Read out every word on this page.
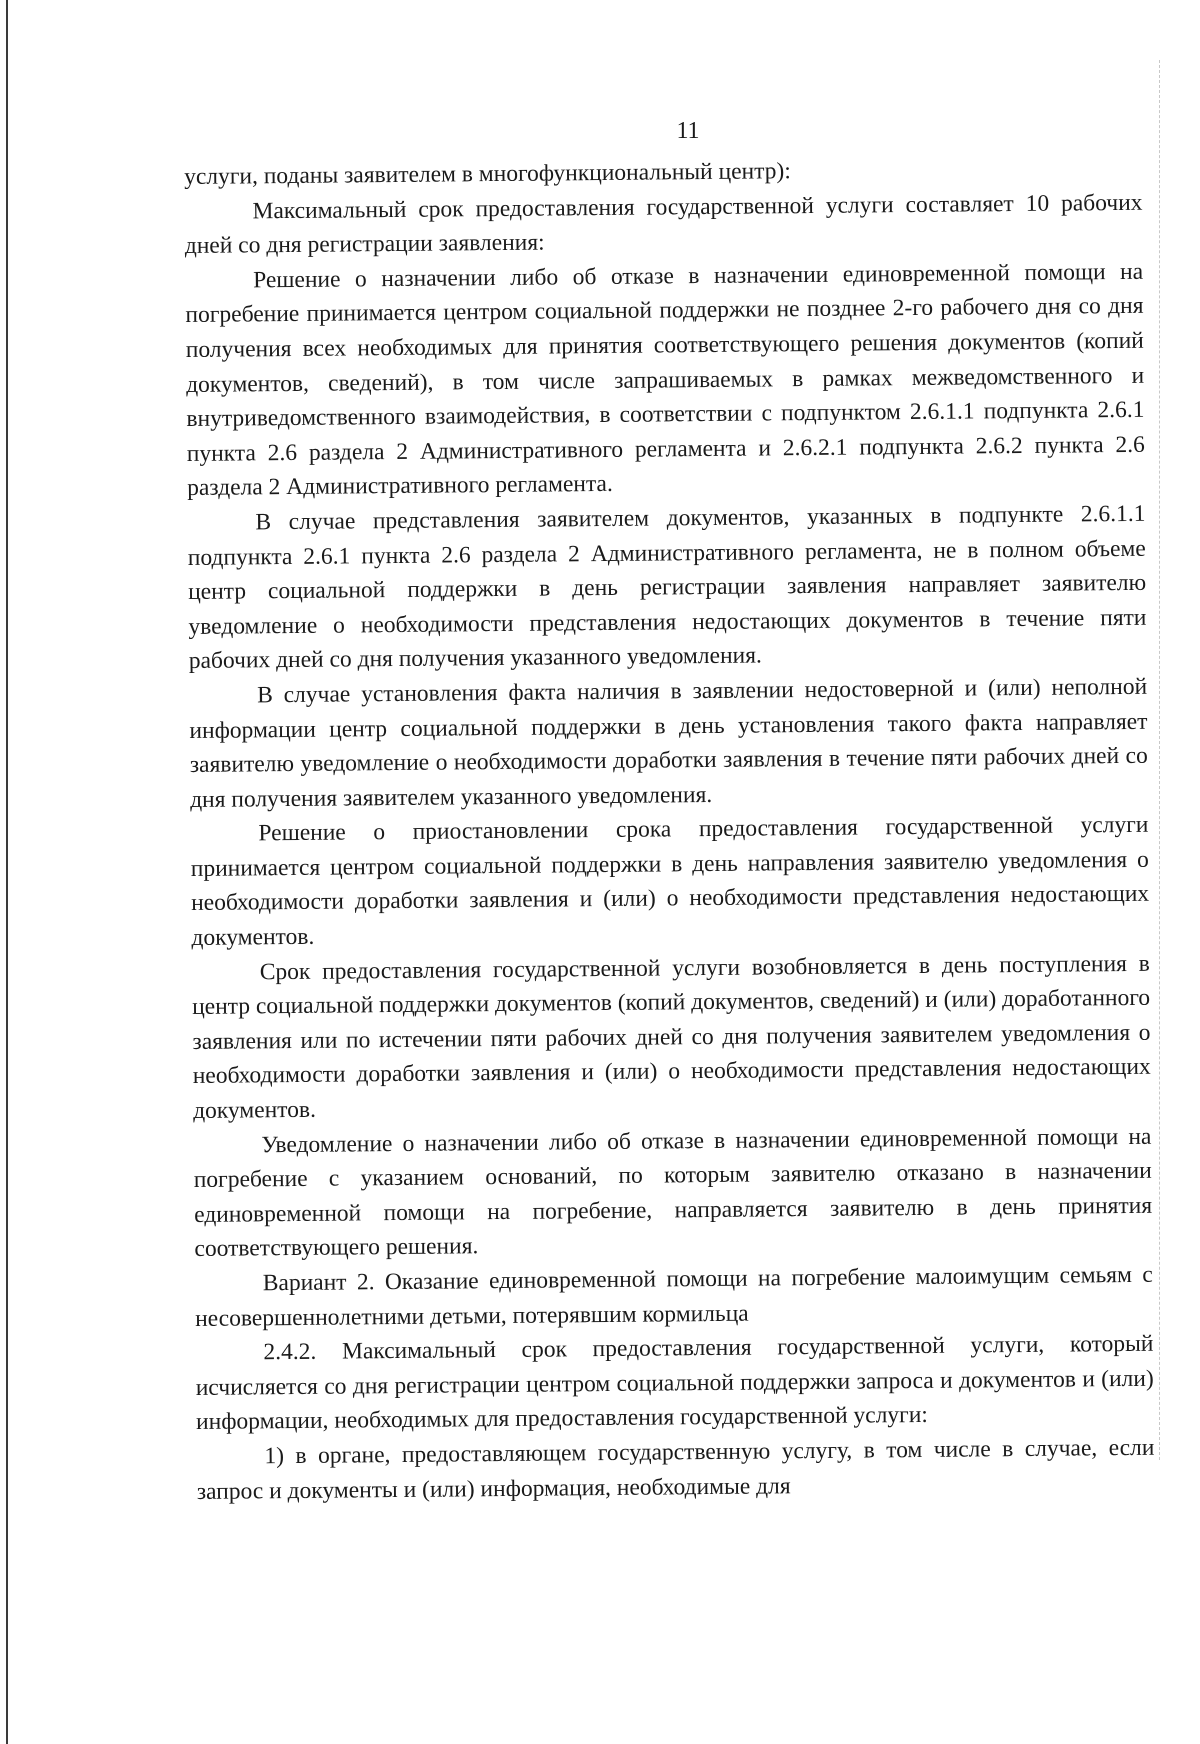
11

услуги, поданы заявителем в многофункциональный центр):

Максимальный срок предоставления государственной услуги составляет 10 рабочих дней со дня регистрации заявления:

Решение о назначении либо об отказе в назначении единовременной помощи на погребение принимается центром социальной поддержки не позднее 2-го рабочего дня со дня получения всех необходимых для принятия соответствующего решения документов (копий документов, сведений), в том числе запрашиваемых в рамках межведомственного и внутриведомственного взаимодействия, в соответствии с подпунктом 2.6.1.1 подпункта 2.6.1 пункта 2.6 раздела 2 Административного регламента и 2.6.2.1 подпункта 2.6.2 пункта 2.6 раздела 2 Административного регламента.

В случае представления заявителем документов, указанных в подпункте 2.6.1.1 подпункта 2.6.1 пункта 2.6 раздела 2 Административного регламента, не в полном объеме центр социальной поддержки в день регистрации заявления направляет заявителю уведомление о необходимости представления недостающих документов в течение пяти рабочих дней со дня получения указанного уведомления.

В случае установления факта наличия в заявлении недостоверной и (или) неполной информации центр социальной поддержки в день установления такого факта направляет заявителю уведомление о необходимости доработки заявления в течение пяти рабочих дней со дня получения заявителем указанного уведомления.

Решение о приостановлении срока предоставления государственной услуги принимается центром социальной поддержки в день направления заявителю уведомления о необходимости доработки заявления и (или) о необходимости представления недостающих документов.

Срок предоставления государственной услуги возобновляется в день поступления в центр социальной поддержки документов (копий документов, сведений) и (или) доработанного заявления или по истечении пяти рабочих дней со дня получения заявителем уведомления о необходимости доработки заявления и (или) о необходимости представления недостающих документов.

Уведомление о назначении либо об отказе в назначении единовременной помощи на погребение с указанием оснований, по которым заявителю отказано в назначении единовременной помощи на погребение, направляется заявителю в день принятия соответствующего решения.

Вариант 2. Оказание единовременной помощи на погребение малоимущим семьям с несовершеннолетними детьми, потерявшим кормильца

2.4.2. Максимальный срок предоставления государственной услуги, который исчисляется со дня регистрации центром социальной поддержки запроса и документов и (или) информации, необходимых для предоставления государственной услуги:

1) в органе, предоставляющем государственную услугу, в том числе в случае, если запрос и документы и (или) информация, необходимые для
